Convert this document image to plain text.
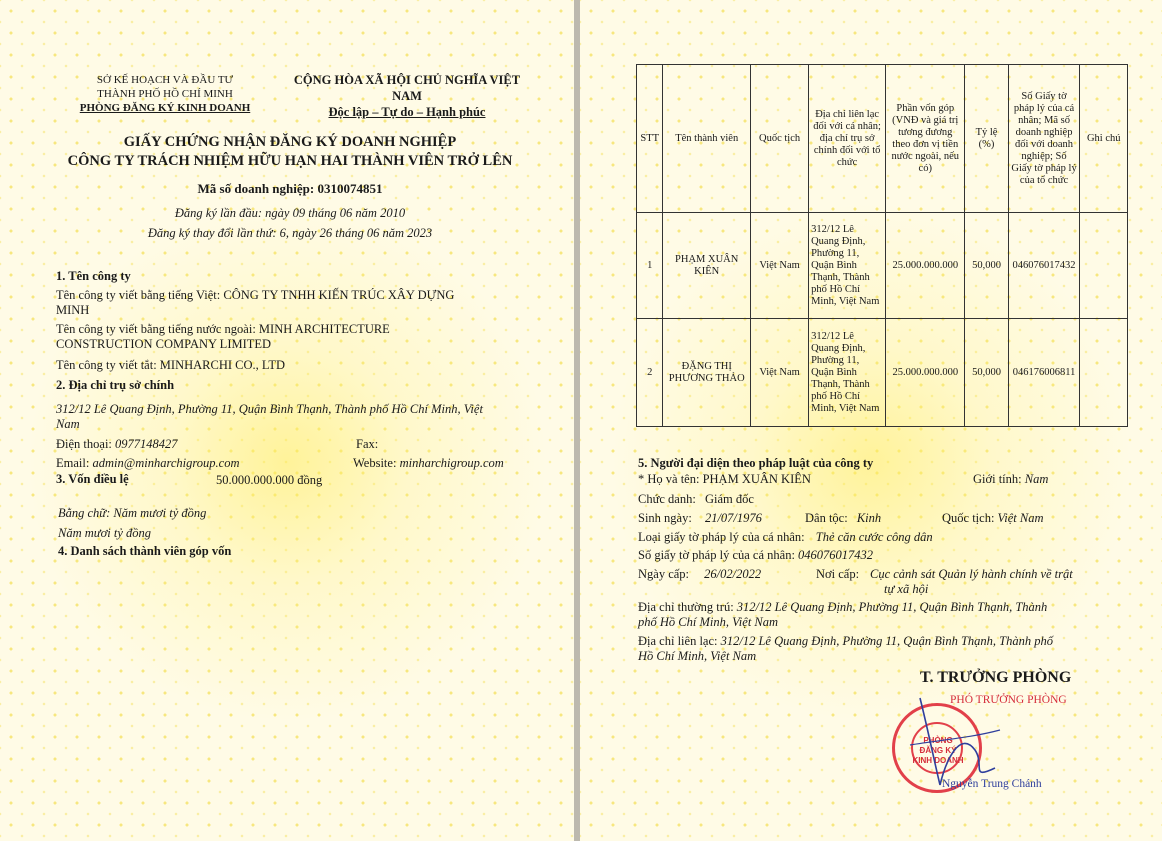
SỞ KẾ HOẠCH VÀ ĐẦU TƯ
THÀNH PHỐ HỒ CHÍ MINH
PHÒNG ĐĂNG KÝ KINH DOANH
CỘNG HÒA XÃ HỘI CHỦ NGHĨA VIỆT NAM
Độc lập – Tự do – Hạnh phúc
GIẤY CHỨNG NHẬN ĐĂNG KÝ DOANH NGHIỆP
CÔNG TY TRÁCH NHIỆM HỮU HẠN HAI THÀNH VIÊN TRỞ LÊN
Mã số doanh nghiệp: 0310074851
Đăng ký lần đầu: ngày 09 tháng 06 năm 2010
Đăng ký thay đổi lần thứ: 6, ngày 26 tháng 06 năm 2023
1. Tên công ty
Tên công ty viết bằng tiếng Việt: CÔNG TY TNHH KIẾN TRÚC XÂY DỰNG
MINH
Tên công ty viết bằng tiếng nước ngoài: MINH ARCHITECTURE
CONSTRUCTION COMPANY LIMITED
Tên công ty viết tắt: MINHARCHI CO., LTD
2. Địa chỉ trụ sở chính
312/12 Lê Quang Định, Phường 11, Quận Bình Thạnh, Thành phố Hồ Chí Minh, Việt
Nam
Điện thoại: 0977148427	Fax:
Email: admin@minharchigroup.com	Website: minharchigroup.com
3. Vốn điều lệ	50.000.000.000 đồng
Bằng chữ: Năm mươi tỷ đồng
Năm mươi tỷ đồng
4. Danh sách thành viên góp vốn
STT	Tên thành viên	Quốc tịch	Địa chỉ liên lạc đối với cá nhân; địa chỉ trụ sở chính đối với tổ chức	Phần vốn góp (VNĐ và giá trị tương đương theo đơn vị tiền nước ngoài, nếu có)	Tỷ lệ (%)	Số Giấy tờ pháp lý của cá nhân; Mã số doanh nghiệp đối với doanh nghiệp; Số Giấy tờ pháp lý của tổ chức	Ghi chú
1	PHẠM XUÂN KIÊN	Việt Nam	312/12 Lê Quang Định, Phường 11, Quận Bình Thạnh, Thành phố Hồ Chí Minh, Việt Nam	25.000.000.000	50,000	046076017432	
2	ĐẶNG THỊ PHƯƠNG THẢO	Việt Nam	312/12 Lê Quang Định, Phường 11, Quận Bình Thạnh, Thành phố Hồ Chí Minh, Việt Nam	25.000.000.000	50,000	046176006811	
5. Người đại diện theo pháp luật của công ty
* Họ và tên: PHẠM XUÂN KIÊN	Giới tính: Nam
Chức danh: Giám đốc
Sinh ngày: 21/07/1976	Dân tộc: Kinh	Quốc tịch: Việt Nam
Loại giấy tờ pháp lý của cá nhân: Thẻ căn cước công dân
Số giấy tờ pháp lý của cá nhân: 046076017432
Ngày cấp: 26/02/2022	Nơi cấp: Cục cảnh sát Quản lý hành chính về trật
tự xã hội
Địa chỉ thường trú: 312/12 Lê Quang Định, Phường 11, Quận Bình Thạnh, Thành
phố Hồ Chí Minh, Việt Nam
Địa chỉ liên lạc: 312/12 Lê Quang Định, Phường 11, Quận Bình Thạnh, Thành phố
Hồ Chí Minh, Việt Nam
T. TRƯỞNG PHÒNG
PHÓ TRƯỞNG PHÒNG
PHÒNG
ĐĂNG KÝ
KINH DOANH
Nguyễn Trung Chánh
